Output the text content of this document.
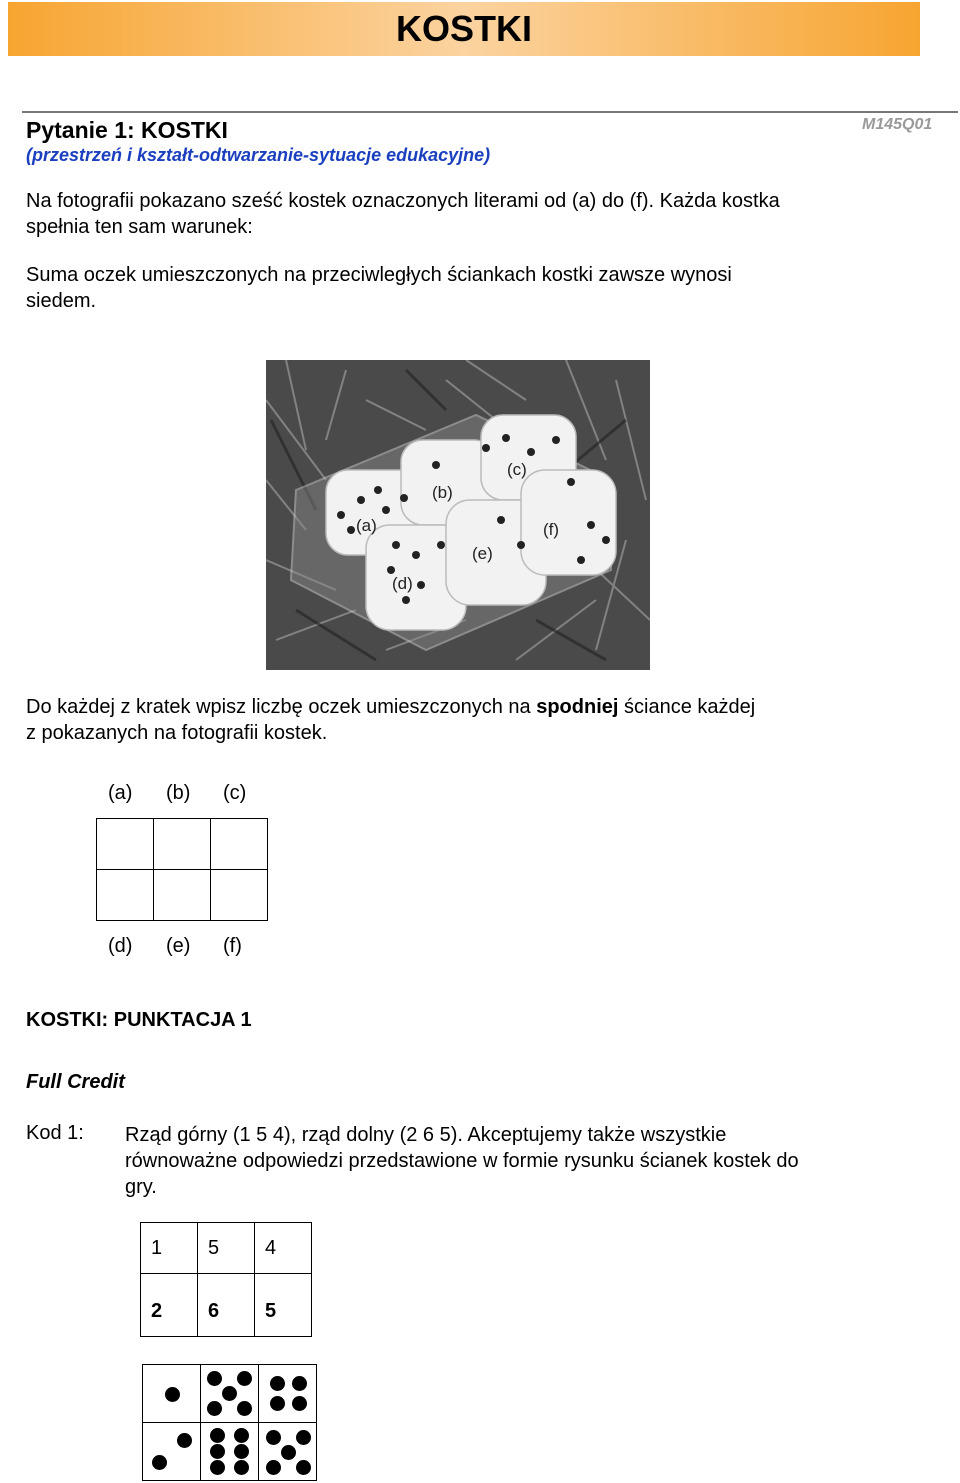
KOSTKI
Pytanie 1: KOSTKI
(przestrzeń i kształt-odtwarzanie-sytuacje edukacyjne)
M145Q01
Na fotografii pokazano sześć kostek oznaczonych literami od (a) do (f). Każda kostka
spełnia ten sam warunek:
Suma oczek umieszczonych na przeciwległych ściankach kostki zawsze wynosi
siedem.
(a)
(b)
(c)
(d)
(e)
(f)
Do każdej z kratek wpisz liczbę oczek umieszczonych na spodniej ściance każdej
z pokazanych na fotografii kostek.
(a) (b) (c)

(d) (e) (f)
KOSTKI: PUNKTACJA 1
Full Credit
Kod 1: Rząd górny (1 5 4), rząd dolny (2 6 5). Akceptujemy także wszystkie
równoważne odpowiedzi przedstawione w formie rysunku ścianek kostek do
gry.
1	5	4

2	6	5
